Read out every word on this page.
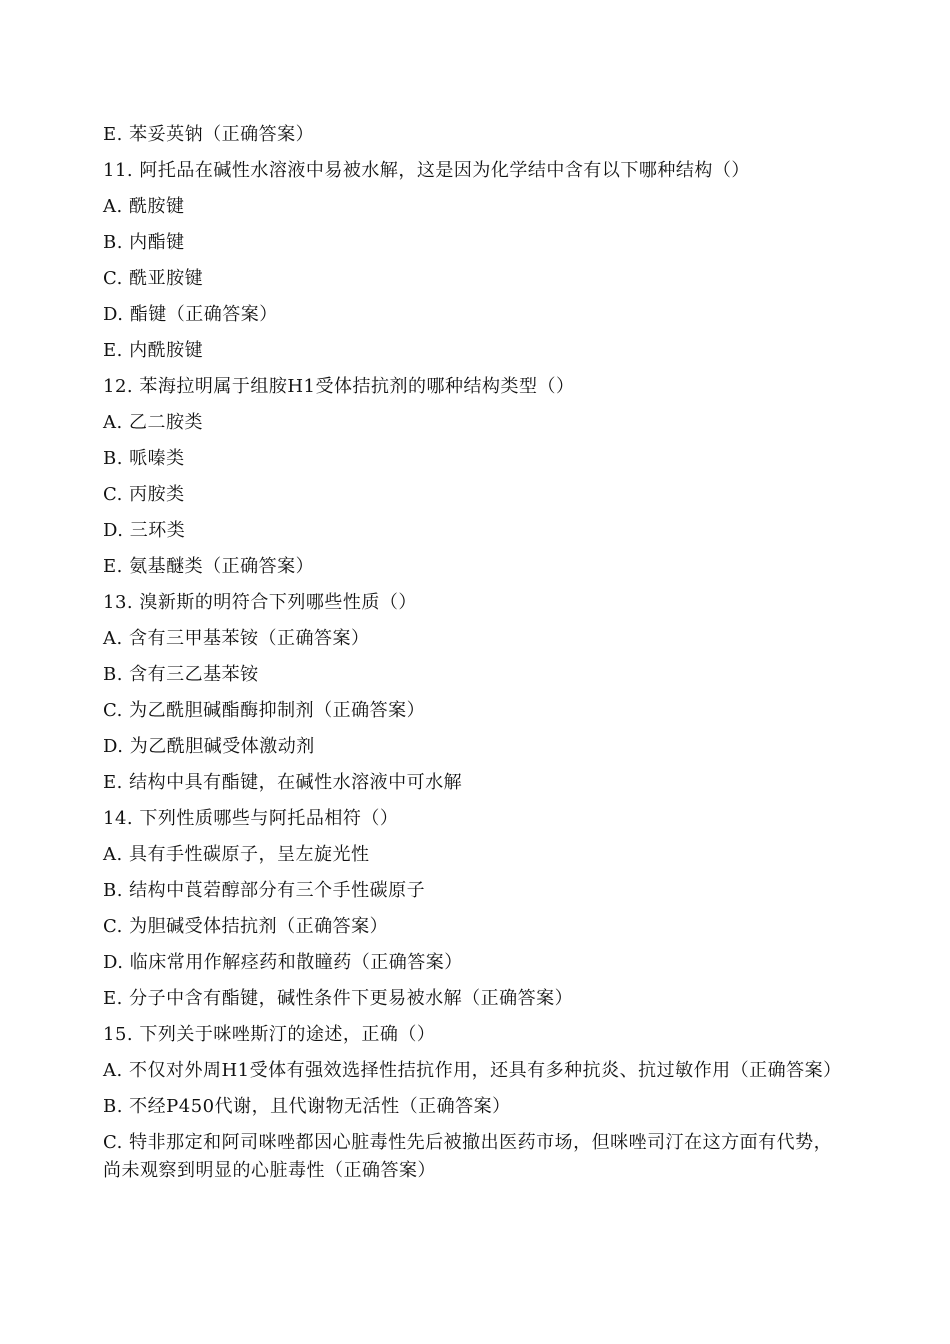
E. 苯妥英钠（正确答案）
11. 阿托品在碱性水溶液中易被水解，这是因为化学结中含有以下哪种结构（）
A. 酰胺键
B. 内酯键
C. 酰亚胺键
D. 酯键（正确答案）
E. 内酰胺键
12. 苯海拉明属于组胺H1受体拮抗剂的哪种结构类型（）
A. 乙二胺类
B. 哌嗪类
C. 丙胺类
D. 三环类
E. 氨基醚类（正确答案）
13. 溴新斯的明符合下列哪些性质（）
A. 含有三甲基苯铵（正确答案）
B. 含有三乙基苯铵
C. 为乙酰胆碱酯酶抑制剂（正确答案）
D. 为乙酰胆碱受体激动剂
E. 结构中具有酯键，在碱性水溶液中可水解
14. 下列性质哪些与阿托品相符（）
A. 具有手性碳原子，呈左旋光性
B. 结构中莨菪醇部分有三个手性碳原子
C. 为胆碱受体拮抗剂（正确答案）
D. 临床常用作解痉药和散瞳药（正确答案）
E. 分子中含有酯键，碱性条件下更易被水解（正确答案）
15. 下列关于咪唑斯汀的途述，正确（）
A. 不仅对外周H1受体有强效选择性拮抗作用，还具有多种抗炎、抗过敏作用（正确答案）
B. 不经P450代谢，且代谢物无活性（正确答案）
C. 特非那定和阿司咪唑都因心脏毒性先后被撤出医药市场，但咪唑司汀在这方面有代势，尚未观察到明显的心脏毒性（正确答案）
